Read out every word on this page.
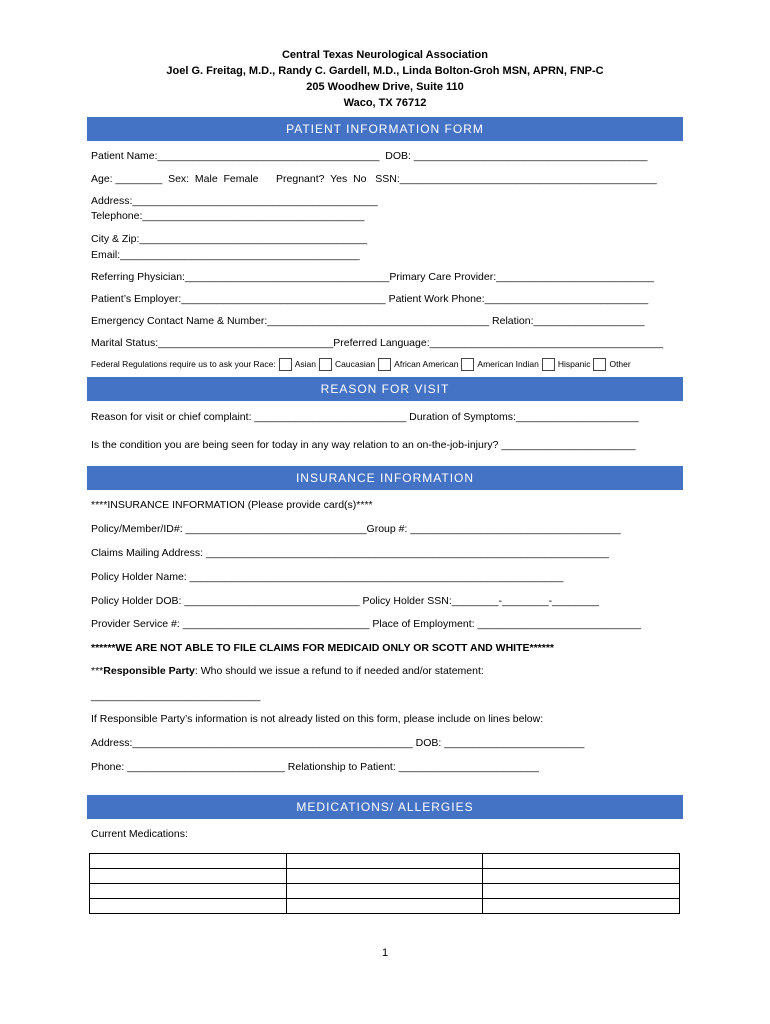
Central Texas Neurological Association
Joel G. Freitag, M.D., Randy C. Gardell, M.D., Linda Bolton-Groh MSN, APRN, FNP-C
205 Woodhew Drive, Suite 110
Waco, TX 76712
PATIENT INFORMATION FORM
Patient Name:______________________________________  DOB: ________________________________________
Age: ________  Sex:  Male  Female      Pregnant?  Yes  No   SSN:____________________________________________
Address:__________________________________________
Telephone:______________________________________
City & Zip:_______________________________________
Email:_________________________________________
Referring Physician:___________________________________Primary Care Provider:___________________________
Patient’s Employer:___________________________________ Patient Work Phone:____________________________
Emergency Contact Name & Number:______________________________________ Relation:___________________
Marital Status:______________________________Preferred Language:________________________________________
Federal Regulations require us to ask your Race: Asian Caucasian African American American Indian Hispanic Other
REASON FOR VISIT
Reason for visit or chief complaint: __________________________ Duration of Symptoms:_____________________
Is the condition you are being seen for today in any way relation to an on-the-job-injury? _______________________
INSURANCE INFORMATION
****INSURANCE INFORMATION (Please provide card(s)****
Policy/Member/ID#: _______________________________Group #: ____________________________________
Claims Mailing Address: _____________________________________________________________________
Policy Holder Name: ________________________________________________________________
Policy Holder DOB: ______________________________ Policy Holder SSN:________-________-________
Provider Service #: ________________________________ Place of Employment: ____________________________
******WE ARE NOT ABLE TO FILE CLAIMS FOR MEDICAID ONLY OR SCOTT AND WHITE******
***Responsible Party: Who should we issue a refund to if needed and/or statement:
_____________________________
If Responsible Party’s information is not already listed on this form, please include on lines below:
Address:________________________________________________ DOB: ________________________
Phone: ___________________________ Relationship to Patient: ________________________
MEDICATIONS/ ALLERGIES
Current Medications:

1
